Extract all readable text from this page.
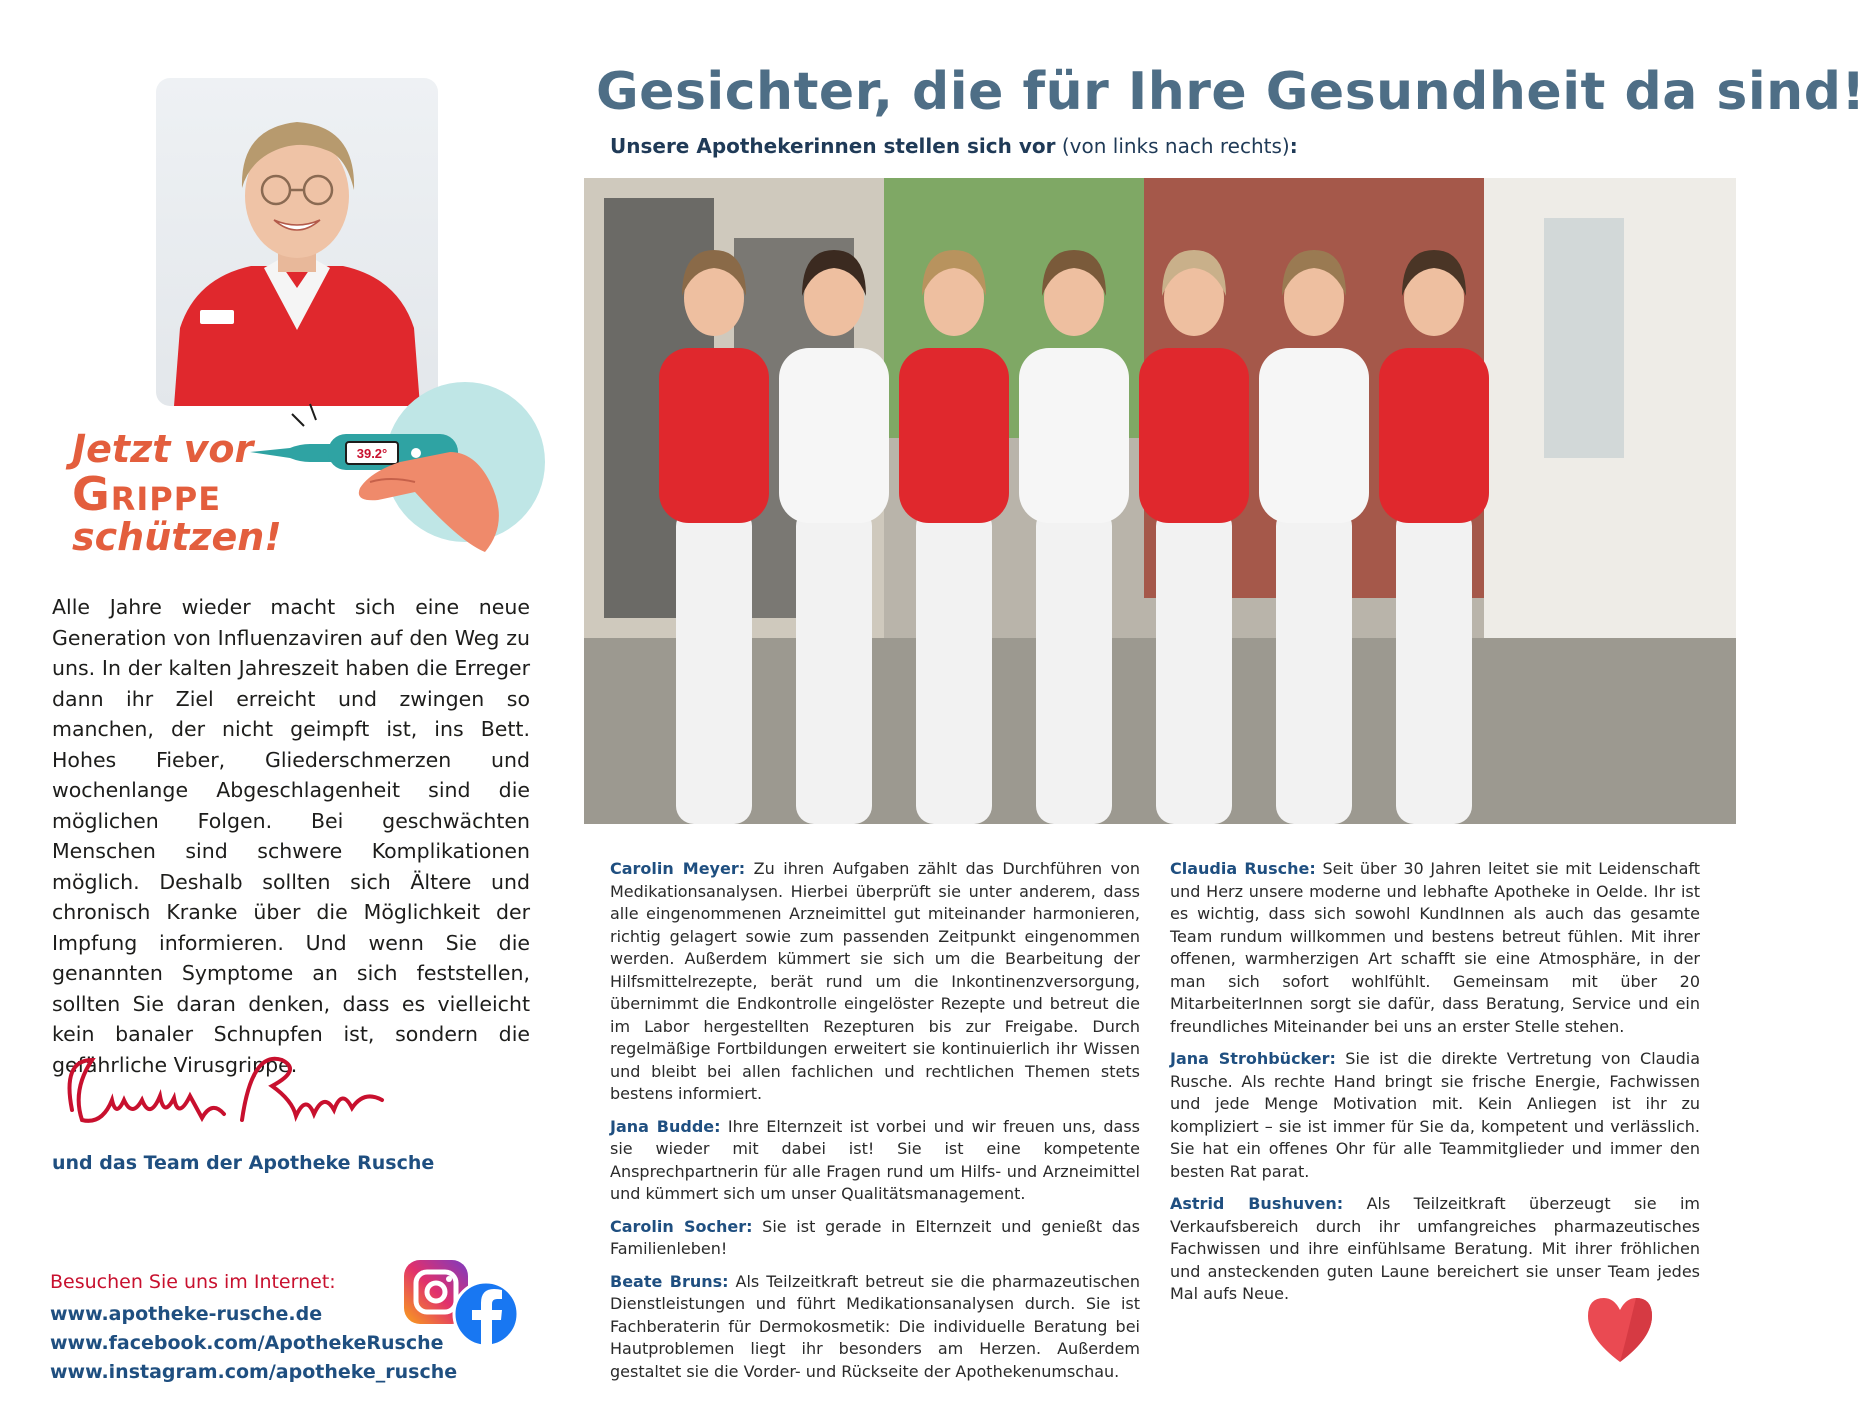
Jetzt vor
Grippe
schützen!
39.2°
Alle Jahre wieder macht sich eine neue Generation von Influenzaviren auf den Weg zu uns. In der kalten Jahreszeit haben die Erreger dann ihr Ziel erreicht und zwingen so manchen, der nicht geimpft ist, ins Bett. Hohes Fieber, Gliederschmerzen und wochenlange Abgeschlagenheit sind die möglichen Folgen. Bei geschwächten Menschen sind schwere Komplikationen möglich. Deshalb sollten sich Ältere und chronisch Kranke über die Möglichkeit der Impfung informieren. Und wenn Sie die genannten Symptome an sich feststellen, sollten Sie daran denken, dass es vielleicht kein banaler Schnupfen ist, sondern die gefährliche Virusgrippe.
und das Team der Apotheke Rusche
Besuchen Sie uns im Internet:
www.apotheke-rusche.de
www.facebook.com/ApothekeRusche
www.instagram.com/apotheke_rusche
Gesichter, die für Ihre Gesundheit da sind!
Unsere Apothekerinnen stellen sich vor (von links nach rechts):

Carolin Meyer: Zu ihren Aufgaben zählt das Durchführen von Medikationsanalysen. Hierbei überprüft sie unter anderem, dass alle eingenommenen Arzneimittel gut miteinander harmonieren, richtig gelagert sowie zum passenden Zeitpunkt eingenommen werden. Außerdem kümmert sie sich um die Bearbeitung der Hilfsmittelrezepte, berät rund um die Inkontinenzversorgung, übernimmt die Endkontrolle eingelöster Rezepte und betreut die im Labor hergestellten Rezepturen bis zur Freigabe. Durch regelmäßige Fortbildungen erweitert sie kontinuierlich ihr Wissen und bleibt bei allen fachlichen und rechtlichen Themen stets bestens informiert.

Jana Budde: Ihre Elternzeit ist vorbei und wir freuen uns, dass sie wieder mit dabei ist! Sie ist eine kompetente Ansprechpartnerin für alle Fragen rund um Hilfs- und Arzneimittel und kümmert sich um unser Qualitätsmanagement.

Carolin Socher: Sie ist gerade in Elternzeit und genießt das Familienleben!

Beate Bruns: Als Teilzeitkraft betreut sie die pharmazeutischen Dienstleistungen und führt Medikationsanalysen durch. Sie ist Fachberaterin für Dermokosmetik: Die individuelle Beratung bei Hautproblemen liegt ihr besonders am Herzen. Außerdem gestaltet sie die Vorder- und Rückseite der Apothekenumschau.

Claudia Rusche: Seit über 30 Jahren leitet sie mit Leidenschaft und Herz unsere moderne und lebhafte Apotheke in Oelde. Ihr ist es wichtig, dass sich sowohl KundInnen als auch das gesamte Team rundum willkommen und bestens betreut fühlen. Mit ihrer offenen, warmherzigen Art schafft sie eine Atmosphäre, in der man sich sofort wohlfühlt. Gemeinsam mit über 20 MitarbeiterInnen sorgt sie dafür, dass Beratung, Service und ein freundliches Miteinander bei uns an erster Stelle stehen.

Jana Strohbücker: Sie ist die direkte Vertretung von Claudia Rusche. Als rechte Hand bringt sie frische Energie, Fachwissen und jede Menge Motivation mit. Kein Anliegen ist ihr zu kompliziert – sie ist immer für Sie da, kompetent und verlässlich. Sie hat ein offenes Ohr für alle Teammitglieder und immer den besten Rat parat.

Astrid Bushuven: Als Teilzeitkraft überzeugt sie im Verkaufsbereich durch ihr umfangreiches pharmazeutisches Fachwissen und ihre einfühlsame Beratung. Mit ihrer fröhlichen und ansteckenden guten Laune bereichert sie unser Team jedes Mal aufs Neue.
